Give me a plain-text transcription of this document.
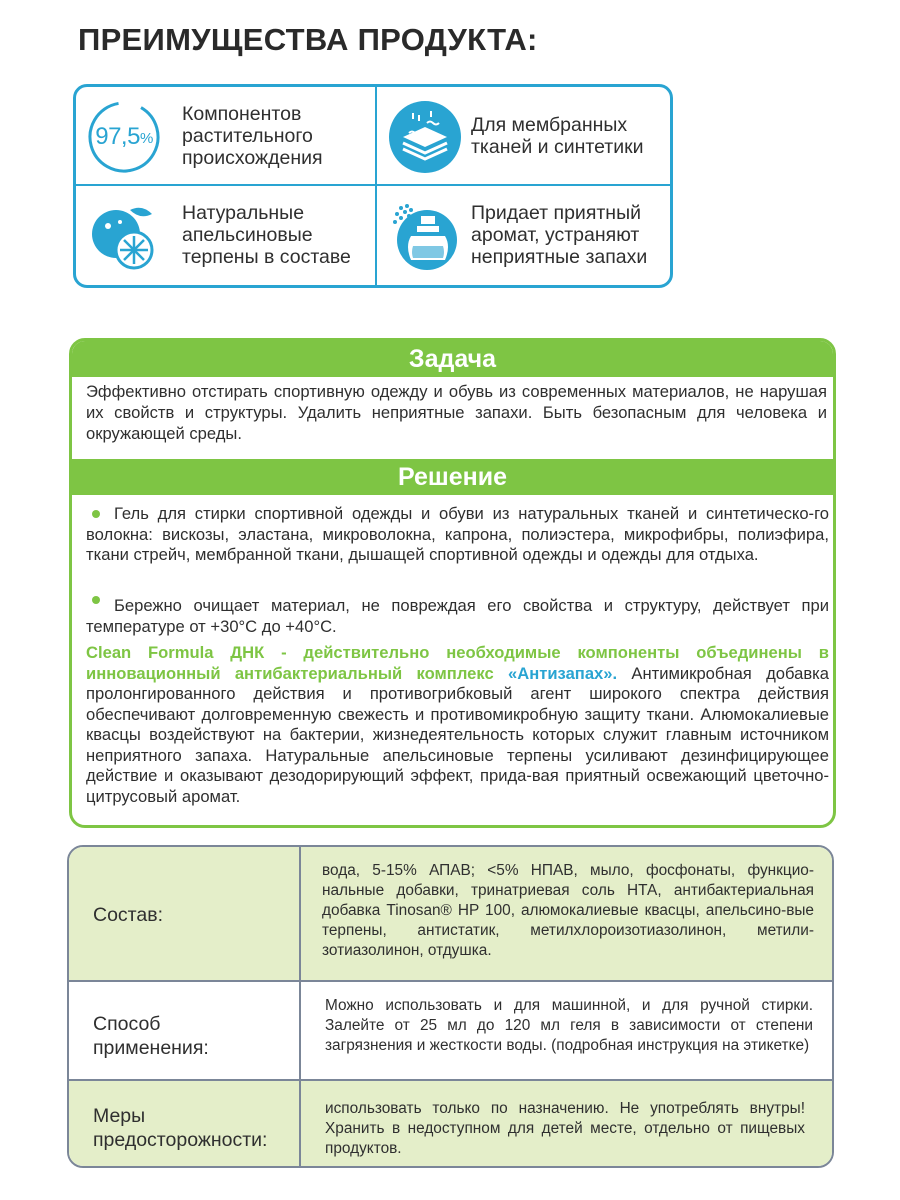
ПРЕИМУЩЕСТВА ПРОДУКТА:
97,5 %
Компонентов
растительного
происхождения
Для мембранных
тканей и синтетики
Натуральные
апельсиновые
терпены в составе
Придает приятный
аромат, устраняют
неприятные запахи
Задача
Эффективно отстирать спортивную одежду и обувь из современных материалов, не нарушая их свойств и структуры. Удалить неприятные запахи. Быть безопасным для человека и окружающей среды.
Решение
Гель для стирки спортивной одежды и обуви из натуральных тканей и синтетическо-го волокна: вискозы, эластана, микроволокна, капрона, полиэстера, микрофибры, полиэфира, ткани стрейч, мембранной ткани, дышащей спортивной одежды и одежды для отдыха.
Бережно очищает материал, не повреждая его свойства и структуру, действует при температуре от +30°C до +40°C.
Clean Formula ДНК - действительно необходимые компоненты объединены в инновационный антибактериальный комплекс «Антизапах». Антимикробная добавка пролонгированного действия и противогрибковый агент широкого спектра действия обеспечивают долговременную свежесть и противомикробную защиту ткани. Алюмокалиевые квасцы воздействуют на бактерии, жизнедеятельность которых служит главным источником неприятного запаха. Натуральные апельсиновые терпены усиливают дезинфицирующее действие и оказывают дезодорирующий эффект, прида-вая приятный освежающий цветочно-цитрусовый аромат.
Состав:
вода, 5-15% АПАВ; <5% НПАВ, мыло, фосфонаты, функцио-нальные добавки, тринатриевая соль НТА, антибактериальная добавка Tinosan® HP 100, алюмокалиевые квасцы, апельсино-вые терпены, антистатик, метилхлороизотиазолинон, метили-зотиазолинон, отдушка.
Способ
применения:
Можно использовать и для машинной, и для ручной стирки. Залейте от 25 мл до 120 мл геля в зависимости от степени загрязнения и жесткости воды. (подробная инструкция на этикетке)
Меры
предосторожности:
использовать только по назначению. Не употреблять внутры! Хранить в недоступном для детей месте, отдельно от пищевых продуктов.
